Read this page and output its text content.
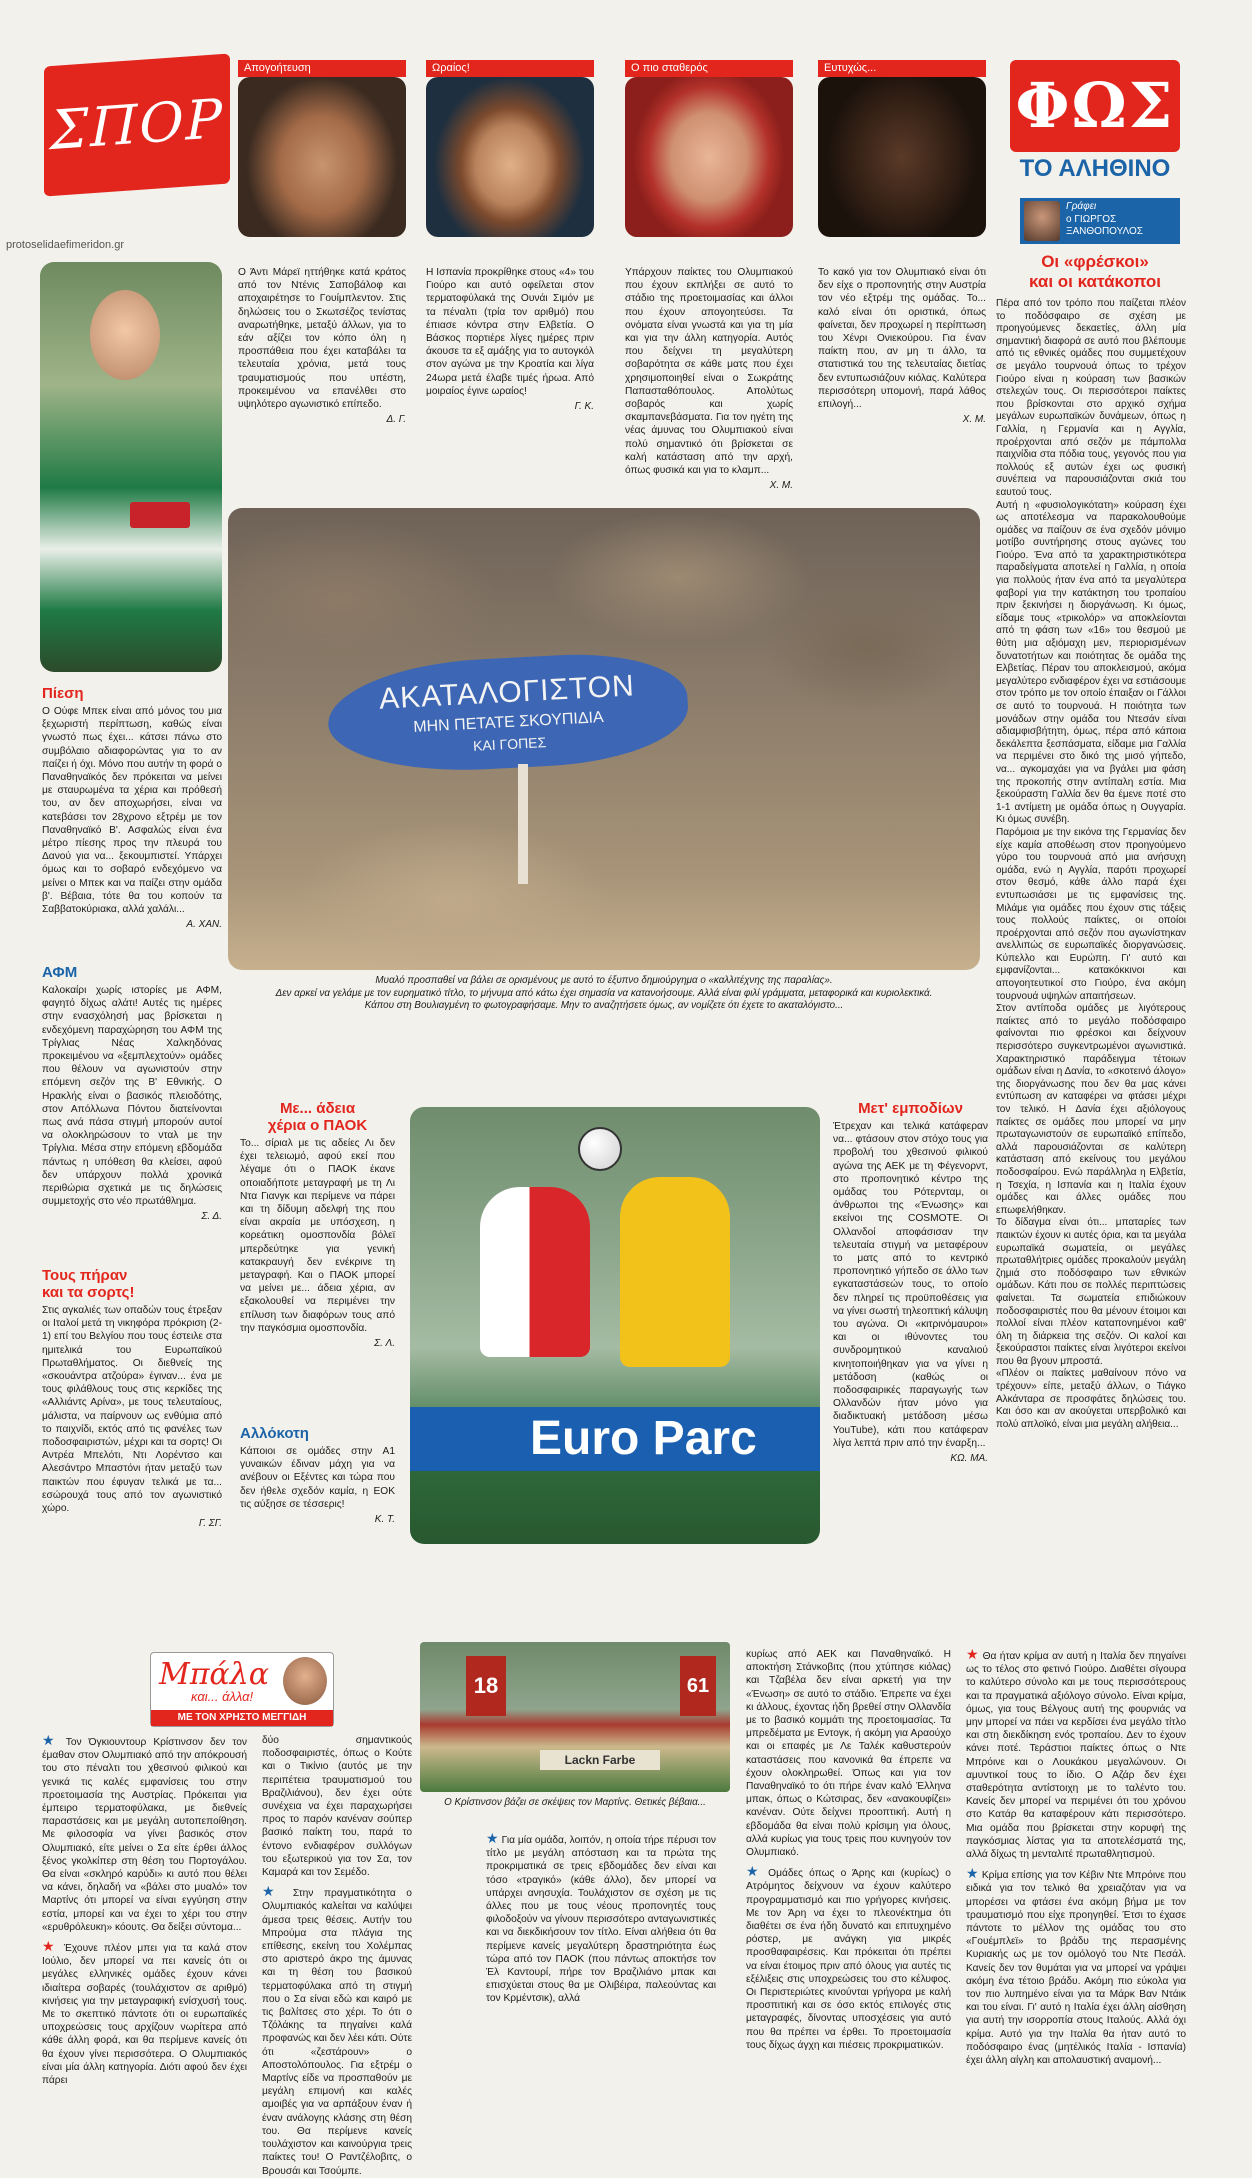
ΣΠΟΡ
protoselidaefimeridon.gr
Απογοήτευση	Ωραίος!	Ο πιο σταθερός	Ευτυχώς...
Ο Άντι Μάρεϊ ηττήθηκε κατά κράτος από τον Ντένις Σαποβάλοφ και αποχαιρέτησε το Γουίμπλεντον. Στις δηλώσεις του ο Σκωτσέζος τενίστας αναρωτήθηκε, μεταξύ άλλων, για το εάν αξίζει τον κόπο όλη η προσπάθεια που έχει καταβάλει τα τελευταία χρόνια, μετά τους τραυματισμούς που υπέστη, προκειμένου να επανέλθει στο υψηλότερο αγωνιστικό επίπεδο.
Δ. Γ.
Η Ισπανία προκρίθηκε στους «4» του Γιούρο και αυτό οφείλεται στον τερματοφύλακά της Ουνάι Σιμόν με τα πέναλτι (τρία τον αριθμό) που έπιασε κόντρα στην Ελβετία. Ο Βάσκος πορτιέρε λίγες ημέρες πριν άκουσε τα εξ αμάξης για το αυτογκόλ στον αγώνα με την Κροατία και λίγα 24ωρα μετά έλαβε τιμές ήρωα. Από μοιραίος έγινε ωραίος!
Γ. Κ.
Υπάρχουν παίκτες του Ολυμπιακού που έχουν εκπλήξει σε αυτό το στάδιο της προετοιμασίας και άλλοι που έχουν απογοητεύσει. Τα ονόματα είναι γνωστά και για τη μία και για την άλλη κατηγορία. Αυτός που δείχνει τη μεγαλύτερη σοβαρότητα σε κάθε ματς που έχει χρησιμοποιηθεί είναι ο Σωκράτης Παπασταθόπουλος. Απολύτως σοβαρός και χωρίς σκαμπανεβάσματα. Για τον ηγέτη της νέας άμυνας του Ολυμπιακού είναι πολύ σημαντικό ότι βρίσκεται σε καλή κατάσταση από την αρχή, όπως φυσικά και για το κλαμπ...
Χ. Μ.
Το κακό για τον Ολυμπιακό είναι ότι δεν είχε ο προπονητής στην Αυστρία τον νέο εξτρέμ της ομάδας. Το... καλό είναι ότι οριστικά, όπως φαίνεται, δεν προχωρεί η περίπτωση του Χένρι Ονιεκούρου. Για έναν παίκτη που, αν μη τι άλλο, τα στατιστικά του της τελευταίας διετίας δεν εντυπωσιάζουν κιόλας. Καλύτερα περισσότερη υπομονή, παρά λάθος επιλογή...
Χ. Μ.
ΦΩΣ
ΤΟ ΑΛΗΘΙΝΟ
Γράφει
ο ΓΙΩΡΓΟΣ ΞΑΝΘΟΠΟΥΛΟΣ
Οι «φρέσκοι»
και οι κατάκοποι
Πέρα από τον τρόπο που παίζεται πλέον το ποδόσφαιρο σε σχέση με προηγούμενες δεκαετίες, άλλη μία σημαντική διαφορά σε αυτό που βλέπουμε από τις εθνικές ομάδες που συμμετέχουν σε μεγάλο τουρνουά όπως το τρέχον Γιούρο είναι η κούραση των βασικών στελεχών τους. Οι περισσότεροι παίκτες που βρίσκονται στο αρχικό σχήμα μεγάλων ευρωπαϊκών δυνάμεων, όπως η Γαλλία, η Γερμανία και η Αγγλία, προέρχονται από σεζόν με πάμπολλα παιχνίδια στα πόδια τους, γεγονός που για πολλούς εξ αυτών έχει ως φυσική συνέπεια να παρουσιάζονται σκιά του εαυτού τους.
Αυτή η «φυσιολογικότατη» κούραση έχει ως αποτέλεσμα να παρακολουθούμε ομάδες να παίζουν σε ένα σχεδόν μόνιμο μοτίβο συντήρησης στους αγώνες του Γιούρο. Ένα από τα χαρακτηριστικότερα παραδείγματα αποτελεί η Γαλλία, η οποία για πολλούς ήταν ένα από τα μεγαλύτερα φαβορί για την κατάκτηση του τροπαίου πριν ξεκινήσει η διοργάνωση. Κι όμως, είδαμε τους «τρικολόρ» να αποκλείονται από τη φάση των «16» του θεσμού με θύτη μια αξιόμαχη μεν, περιορισμένων δυνατοτήτων και ποιότητας δε ομάδα της Ελβετίας. Πέραν του αποκλεισμού, ακόμα μεγαλύτερο ενδιαφέρον έχει να εστιάσουμε στον τρόπο με τον οποίο έπαιξαν οι Γάλλοι σε αυτό το τουρνουά. Η ποιότητα των μονάδων στην ομάδα του Ντεσάν είναι αδιαμφισβήτητη, όμως, πέρα από κάποια δεκάλεπτα ξεσπάσματα, είδαμε μια Γαλλία να περιμένει στο δικό της μισό γήπεδο, να... αγκομαχάει για να βγάλει μια φάση της προκοπής στην αντίπαλη εστία. Μια ξεκούραστη Γαλλία δεν θα έμενε ποτέ στο 1-1 αντίμετη με ομάδα όπως η Ουγγαρία. Κι όμως συνέβη.
Παρόμοια με την εικόνα της Γερμανίας δεν είχε καμία αποθέωση στον προηγούμενο γύρο του τουρνουά από μια ανήσυχη ομάδα, ενώ η Αγγλία, παρότι προχωρεί στον θεσμό, κάθε άλλο παρά έχει εντυπωσιάσει με τις εμφανίσεις της. Μιλάμε για ομάδες που έχουν στις τάξεις τους πολλούς παίκτες, οι οποίοι προέρχονται από σεζόν που αγωνίστηκαν ανελλιπώς σε ευρωπαϊκές διοργανώσεις. Κύπελλο και Ευρώπη. Γι' αυτό και εμφανίζονται... κατακόκκινοι και απογοητευτικοί στο Γιούρο, ένα ακόμη τουρνουά υψηλών απαιτήσεων.
Στον αντίποδα ομάδες με λιγότερους παίκτες από το μεγάλο ποδόσφαιρο φαίνονται πιο φρέσκοι και δείχνουν περισσότερο συγκεντρωμένοι αγωνιστικά. Χαρακτηριστικό παράδειγμα τέτοιων ομάδων είναι η Δανία, το «σκοτεινό άλογο» της διοργάνωσης που δεν θα μας κάνει εντύπωση αν καταφέρει να φτάσει μέχρι τον τελικό. Η Δανία έχει αξιόλογους παίκτες σε ομάδες που μπορεί να μην πρωταγωνιστούν σε ευρωπαϊκό επίπεδο, αλλά παρουσιάζονται σε καλύτερη κατάσταση από εκείνους του μεγάλου ποδοσφαίρου. Ενώ παράλληλα η Ελβετία, η Τσεχία, η Ισπανία και η Ιταλία έχουν ομάδες και άλλες ομάδες που επωφελήθηκαν.
Το δίδαγμα είναι ότι... μπαταρίες των παικτών έχουν κι αυτές όρια, και τα μεγάλα ευρωπαϊκά σωματεία, οι μεγάλες πρωταθλήτριες ομάδες προκαλούν μεγάλη ζημιά στο ποδόσφαιρο των εθνικών ομάδων. Κάτι που σε πολλές περιπτώσεις φαίνεται. Τα σωματεία επιδιώκουν ποδοσφαιριστές που θα μένουν έτοιμοι και πολλοί είναι πλέον καταπονημένοι καθ' όλη τη διάρκεια της σεζόν. Οι καλοί και ξεκούραστοι παίκτες είναι λιγότεροι εκείνοι που θα βγουν μπροστά.
«Πλέον οι παίκτες μαθαίνουν πόνο να τρέχουν» είπε, μεταξύ άλλων, ο Τιάγκο Αλκάνταρα σε προσφάτες δηλώσεις του. Και όσο και αν ακούγεται υπερβολικό και πολύ απλοϊκό, είναι μια μεγάλη αλήθεια...
Πίεση
Ο Ούφε Μπεκ είναι από μόνος του μια ξεχωριστή περίπτωση, καθώς είναι γνωστό πως έχει... κάτσει πάνω στο συμβόλαιο αδιαφορώντας για το αν παίζει ή όχι. Μόνο που αυτήν τη φορά ο Παναθηναϊκός δεν πρόκειται να μείνει με σταυρωμένα τα χέρια και πρόθεσή του, αν δεν αποχωρήσει, είναι να κατεβάσει τον 28χρονο εξτρέμ με τον Παναθηναϊκό Β'. Ασφαλώς είναι ένα μέτρο πίεσης προς την πλευρά του Δανού για να... ξεκουμπιστεί. Υπάρχει όμως και το σοβαρό ενδεχόμενο να μείνει ο Μπεκ και να παίζει στην ομάδα β'. Βέβαια, τότε θα του κοπούν τα Σαββατοκύριακα, αλλά χαλάλι...
Α. ΧΑΝ.
ΑΦΜ
Καλοκαίρι χωρίς ιστορίες με ΑΦΜ, φαγητό δίχως αλάτι! Αυτές τις ημέρες στην ενασχόλησή μας βρίσκεται η ενδεχόμενη παραχώρηση του ΑΦΜ της Τρίγλιας Νέας Χαλκηδόνας προκειμένου να «ξεμπλεχτούν» ομάδες που θέλουν να αγωνιστούν στην επόμενη σεζόν της Β' Εθνικής. Ο Ηρακλής είναι ο βασικός πλειοδότης, στον Απόλλωνα Πόντου διατείνονται πως ανά πάσα στιγμή μπορούν αυτοί να ολοκληρώσουν το νταλ με την Τρίγλια. Μέσα στην επόμενη εβδομάδα πάντως η υπόθεση θα κλείσει, αφού δεν υπάρχουν πολλά χρονικά περιθώρια σχετικά με τις δηλώσεις συμμετοχής στο νέο πρωτάθλημα.
Σ. Δ.
Τους πήραν
και τα σορτς!
Στις αγκαλιές των οπαδών τους έτρεξαν οι Ιταλοί μετά τη νικηφόρα πρόκριση (2-1) επί του Βελγίου που τους έστειλε στα ημιτελικά του Ευρωπαϊκού Πρωταθλήματος. Οι διεθνείς της «σκουάντρα ατζούρα» έγιναν... ένα με τους φιλάθλους τους στις κερκίδες της «Αλλιάντς Αρίνα», με τους τελευταίους, μάλιστα, να παίρνουν ως ενθύμια από το παιχνίδι, εκτός από τις φανέλες των ποδοσφαιριστών, μέχρι και τα σορτς! Οι Αντρέα Μπελότι, Ντι Λορέντσο και Αλεσάντρο Μπαστόνι ήταν μεταξύ των παικτών που έφυγαν τελικά με τα... εσώρουχά τους από τον αγωνιστικό χώρο.
Γ. ΣΓ.
ΑΚΑΤΑΛΟΓΙΣΤΟΝ
ΜΗΝ ΠΕΤΑΤΕ ΣΚΟΥΠΙΔΙΑ
ΚΑΙ ΓΟΠΕΣ
Μυαλό προσπαθεί να βάλει σε ορισμένους με αυτό το έξυπνο δημιούργημα ο «καλλιτέχνης της παραλίας».
Δεν αρκεί να γελάμε με τον ευρηματικό τίτλο, το μήνυμα από κάτω έχει σημασία να κατανοήσουμε. Αλλά είναι φιλί γράμματα, μεταφορικά και κυριολεκτικά.
Κάπου στη Βουλιαγμένη το φωτογραφήσαμε. Μην το αναζητήσετε όμως, αν νομίζετε ότι έχετε το ακαταλόγιστο...
Με... άδεια
χέρια ο ΠΑΟΚ
Το... σίριαλ με τις αδείες Λι δεν έχει τελειωμό, αφού εκεί που λέγαμε ότι ο ΠΑΟΚ έκανε οποιαδήποτε μεταγραφή με τη Λι Ντα Γιανγκ και περίμενε να πάρει και τη δίδυμη αδελφή της που είναι ακραία με υπόσχεση, η κορεάτικη ομοσπονδία βόλεϊ μπερδεύτηκε για γενική κατακραυγή δεν ενέκρινε τη μεταγραφή. Και ο ΠΑΟΚ μπορεί να μείνει με... άδεια χέρια, αν εξακολουθεί να περιμένει την επίλυση των διαφόρων τους από την παγκόσμια ομοσπονδία.
Σ. Λ.
Αλλόκοτη
Κάποιοι σε ομάδες στην Α1 γυναικών έδιναν μάχη για να ανέβουν οι Εξέντες και τώρα που δεν ήθελε σχεδόν καμία, η ΕΟΚ τις αύξησε σε τέσσερις!
Κ. Τ.
Euro Parc
Μετ' εμποδίων
Έτρεχαν και τελικά κατάφεραν να... φτάσουν στον στόχο τους για προβολή του χθεσινού φιλικού αγώνα της ΑΕΚ με τη Φέγενορντ, στο προπονητικό κέντρο της ομάδας του Ρότερνταμ, οι άνθρωποι της «Ένωσης» και εκείνοι της COSMOTE. Οι Ολλανδοί αποφάσισαν την τελευταία στιγμή να μεταφέρουν το ματς από το κεντρικό προπονητικό γήπεδο σε άλλο των εγκαταστάσεών τους, το οποίο δεν πληρεί τις προϋποθέσεις για να γίνει σωστή τηλεοπτική κάλυψη του αγώνα. Οι «κιτρινόμαυροι» και οι ιθύνοντες του συνδρομητικού καναλιού κινητοποιήθηκαν για να γίνει η μετάδοση (καθώς οι ποδοσφαιρικές παραγωγής των Ολλανδών ήταν μόνο για διαδικτυακή μετάδοση μέσω YouTube), κάτι που κατάφεραν λίγα λεπτά πριν από την έναρξη...
ΚΩ. ΜΑ.
Μπάλα
και... άλλα!
ΜΕ ΤΟΝ ΧΡΗΣΤΟ ΜΕΓΓΙΔΗ
18	61
Lackn Farbe
Ο Κρίστινσον βάζει σε σκέψεις τον Μαρτίνς. Θετικές βέβαια...
★ Τον Όγκιουντουρ Κρίστινσον δεν τον έμαθαν στον Ολυμπιακό από την απόκρουσή του στο πέναλτι του χθεσινού φιλικού και γενικά τις καλές εμφανίσεις του στην προετοιμασία της Αυστρίας. Πρόκειται για έμπειρο τερματοφύλακα, με διεθνείς παραστάσεις και με μεγάλη αυτοπεποίθηση. Με φιλοσοφία να γίνει βασικός στον Ολυμπιακό, είτε μείνει ο Σα είτε έρθει άλλος ξένος γκολκίπερ στη θέση του Πορτογάλου. Θα είναι «σκληρό καρύδι» κι αυτό που θέλει να κάνει, δηλαδή να «βάλει στο μυαλό» τον Μαρτίνς ότι μπορεί να είναι εγγύηση στην εστία, μπορεί και να έχει το χέρι του στην «ερυθρόλευκη» κόουτς. Θα δείξει σύντομα...
★ Έχουνε πλέον μπει για τα καλά στον Ιούλιο, δεν μπορεί να πει κανείς ότι οι μεγάλες ελληνικές ομάδες έχουν κάνει ιδιαίτερα σοβαρές (τουλάχιστον σε αριθμό) κινήσεις για την μεταγραφική ενίσχυσή τους. Με το σκεπτικό πάντοτε ότι οι ευρωπαϊκές υποχρεώσεις τους αρχίζουν νωρίτερα από κάθε άλλη φορά, και θα περίμενε κανείς ότι θα έχουν γίνει περισσότερα. Ο Ολυμπιακός είναι μία άλλη κατηγορία. Διότι αφού δεν έχει πάρει
δύο σημαντικούς ποδοσφαιριστές, όπως ο Κούτε και ο Τικίνιο (αυτός με την περιπέτεια τραυματισμού του Βραζιλιάνου), δεν έχει ούτε συνέχεια να έχει παραχωρήσει προς το παρόν κανέναν σούπερ βασικό παίκτη του, παρά το έντονο ενδιαφέρον συλλόγων του εξωτερικού για τον Σα, τον Καμαρά και τον Σεμέδο.
★ Στην πραγματικότητα ο Ολυμπιακός καλείται να καλύψει άμεσα τρεις θέσεις. Αυτήν του Μπρούμα στα πλάγια της επίθεσης, εκείνη του Χολέμπας στο αριστερό άκρο της άμυνας και τη θέση του βασικού τερματοφύλακα από τη στιγμή που ο Σα είναι εδώ και καιρό με τις βαλίτσες στο χέρι. Το ότι ο Τζόλάκης τα πηγαίνει καλά προφανώς και δεν λέει κάτι. Ούτε ότι «ζεστάρουν» ο Αποστολόπουλος. Για εξτρέμ ο Μαρτίνς είδε να προσπαθούν με μεγάλη επιμονή και καλές αμοιβές για να αρπάξουν έναν ή έναν ανάλογης κλάσης στη θέση του. Θα περίμενε κανείς τουλάχιστον και καινούργια τρεις παίκτες του! Ο Ραντζέλοβιτς, ο Βρουσάι και Τσούμπε.
★ Για μία ομάδα, λοιπόν, η οποία τήρε πέρυσι τον τίτλο με μεγάλη απόσταση και τα πρώτα της προκριματικά σε τρεις εβδομάδες δεν είναι και τόσο «τραγικό» (κάθε άλλο), δεν μπορεί να υπάρχει ανησυχία. Τουλάχιστον σε σχέση με τις άλλες που με τους νέους προπονητές τους φιλοδοξούν να γίνουν περισσότερο ανταγωνιστικές και να διεκδικήσουν τον τίτλο. Είναι αλήθεια ότι θα περίμενε κανείς μεγαλύτερη δραστηριότητα έως τώρα από τον ΠΑΟΚ (που πάντως αποκτήσε τον Έλ Καντουρί, πήρε τον Βραζιλιάνο μπακ και επισχύεται στους θα με Ολιβέιρα, παλεούντας και τον Κρμέντσικ), αλλά
κυρίως από ΑΕΚ και Παναθηναϊκό. Η αποκτήση Στάνκοβιτς (που χτύπησε κιόλας) και Τζαβέλα δεν είναι αρκετή για την «Ένωση» σε αυτό το στάδιο. Έπρεπε να έχει κι άλλους, έχοντας ήδη βρεθεί στην Ολλανδία με το βασικό κομμάτι της προετοιμασίας. Τα μπρεδέματα με Εντογκ, ή ακόμη για Αραούχο και οι επαφές με Λε Ταλέκ καθυστερούν καταστάσεις που κανονικά θα έπρεπε να έχουν ολοκληρωθεί. Όπως και για τον Παναθηναϊκό το ότι πήρε έναν καλό Έλληνα μπακ, όπως ο Κώτσιρας, δεν «ανακουφίζει» κανέναν. Ούτε δείχνει προοπτική. Αυτή η εβδομάδα θα είναι πολύ κρίσιμη για όλους, αλλά κυρίως για τους τρεις που κυνηγούν τον Ολυμπιακό.
★ Ομάδες όπως ο Άρης και (κυρίως) ο Ατρόμητος δείχνουν να έχουν καλύτερο προγραμματισμό και πιο γρήγορες κινήσεις. Με τον Άρη να έχει το πλεονέκτημα ότι διαθέτει σε ένα ήδη δυνατό και επιτυχημένο ρόστερ, με ανάγκη για μικρές προσθαφαιρέσεις. Και πρόκειται ότι πρέπει να είναι έτοιμος πριν από όλους για αυτές τις εξέλιξεις στις υποχρεώσεις του στο κέλυφος. Οι Περιστεριώτες κινούνται γρήγορα με καλή προσπιτική και σε όσο εκτός επιλογές στις μεταγραφές, δίνοντας υποσχέσεις για αυτό που θα πρέπει να έρθει. Το προετοιμασία τους δίχως άγχη και πιέσεις προκριματικών.
★ Θα ήταν κρίμα αν αυτή η Ιταλία δεν πηγαίνει ως το τέλος στο φετινό Γιούρο. Διαθέτει σίγουρα το καλύτερο σύνολο και με τους περισσότερους και τα πραγματικά αξιόλογο σύνολο. Είναι κρίμα, όμως, για τους Βέλγους αυτή της φουρνιάς να μην μπορεί να πάει να κερδίσει ένα μεγάλο τίτλο και στη διεκδίκηση ενός τροπαίου. Δεν το έχουν κάνει ποτέ. Τεράστιοι παίκτες όπως ο Ντε Μπρόινε και ο Λουκάκου μεγαλώνουν. Οι αμυντικοί τους το ίδιο. Ο Αζάρ δεν έχει σταθερότητα αντίστοιχη με το ταλέντο του. Κανείς δεν μπορεί να περιμένει ότι του χρόνου στο Κατάρ θα καταφέρουν κάτι περισσότερο. Μια ομάδα που βρίσκεται στην κορυφή της παγκόσμιας λίστας για τα αποτελέσματά της, αλλά δίχως τη μενταλιτέ πρωταθλητισμού.
★ Κρίμα επίσης για τον Κέβιν Ντε Μπρόινε που ειδικά για τον τελικό θα χρειαζόταν για να μπορέσει να φτάσει ένα ακόμη βήμα με τον τραυματισμό που είχε προηγηθεί. Έτσι το έχασε πάντοτε το μέλλον της ομάδας του στο «Γουέμπλεϊ» το βράδυ της περασμένης Κυριακής ως με τον ομόλογό του Ντε Πεσάλ. Κανείς δεν τον θυμάται για να μπορεί να γράψει ακόμη ένα τέτοιο βράδυ. Ακόμη πιο εύκολα για τον πιο λυπημένο είναι για τα Μάρκ Βαν Ντάικ και του είναι. Γι' αυτό η Ιταλία έχει άλλη αίσθηση για αυτή την ισορροπία στους Ιταλούς. Αλλά όχι κρίμα. Αυτό για την Ιταλία θα ήταν αυτό το ποδόσφαιρο ένας (μητέλικός Ιταλία - Ισπανία) έχει άλλη αίγλη και απολαυστική αναμονή...
